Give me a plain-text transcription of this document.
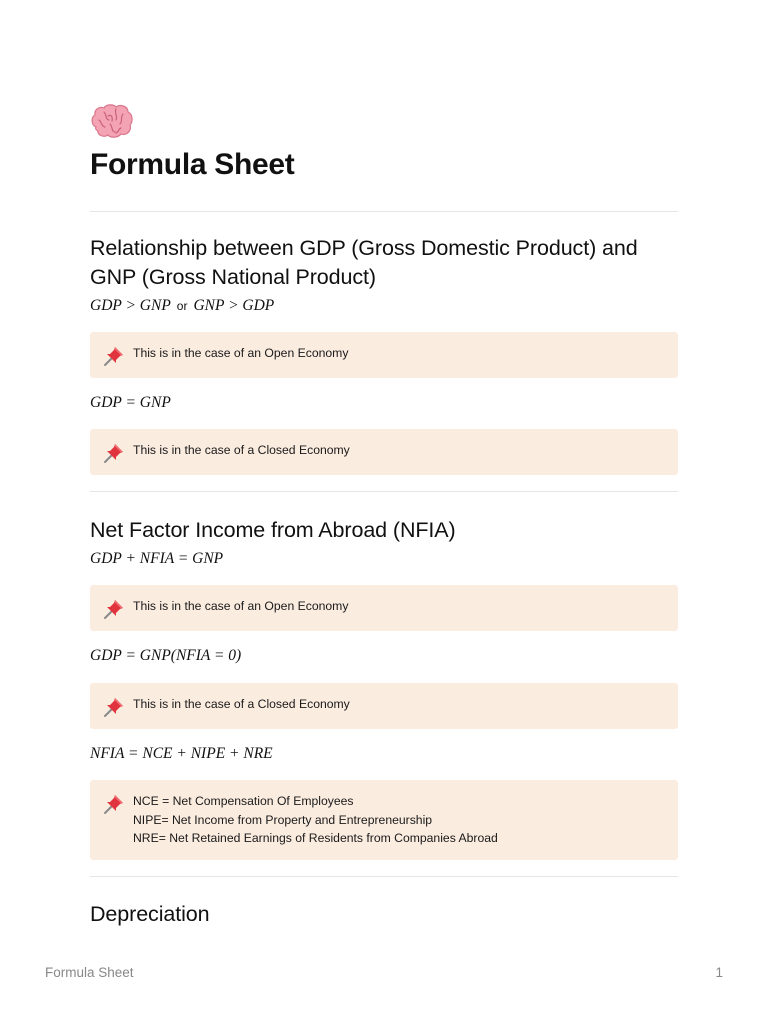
Formula Sheet
Relationship between GDP (Gross Domestic Product) and GNP (Gross National Product)
GDP > GNP or GNP > GDP

This is in the case of an Open Economy

GDP = GNP

This is in the case of a Closed Economy

Net Factor Income from Abroad (NFIA)
GDP + NFIA = GNP

This is in the case of an Open Economy

GDP = GNP(NFIA = 0)

This is in the case of a Closed Economy

NFIA = NCE + NIPE + NRE

NCE = Net Compensation Of Employees

NIPE= Net Income from Property and Entrepreneurship

NRE= Net Retained Earnings of Residents from Companies Abroad

Depreciation
Formula Sheet	1
